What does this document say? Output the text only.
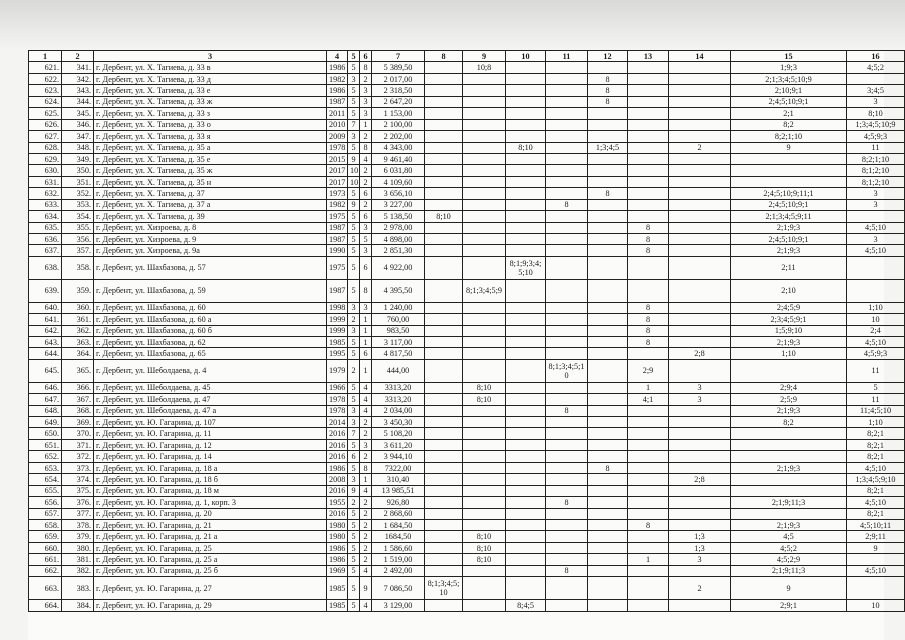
1	2	3	4	5	6	7	8	9	10	11	12	13	14	15	16
621.	341.	г. Дербент, ул. Х. Тагиева, д. 33 в	1986	5	8	5 389,50		10;8						1;9;3	4;5;2
622.	342.	г. Дербент, ул. Х. Тагиева, д. 33 д	1982	3	2	2 017,00					8			2;1;3;4;5;10;9	
623.	343.	г. Дербент, ул. Х. Тагиева, д. 33 е	1986	5	3	2 318,50					8			2;10;9;1	3;4;5
624.	344.	г. Дербент, ул. Х. Тагиева, д. 33 ж	1987	5	3	2 647,20					8			2;4;5;10;9;1	3
625.	345.	г. Дербент, ул. Х. Тагиева, д. 33 з	2011	5	3	1 153,00								2;1	8;10
626.	346.	г. Дербент, ул. Х. Тагиева, д. 33 о	2010	7	1	2 100,00								8;2	1;3;4;5;10;9
627.	347.	г. Дербент, ул. Х. Тагиева, д. 33 я	2009	3	2	2 202,00								8;2;1;10	4;5;9;3
628.	348.	г. Дербент, ул. Х. Тагиева, д. 35 а	1978	5	8	4 343,00			8;10		1;3;4;5		2	9	11
629.	349.	г. Дербент, ул. Х. Тагиева, д. 35 е	2015	9	4	9 461,40									8;2;1;10
630.	350.	г. Дербент, ул. Х. Тагиева, д. 35 ж	2017	10	2	6 031,80									8;1;2;10
631.	351.	г. Дербент, ул. Х. Тагиева, д. 35 н	2017	10	2	4 109,60									8;1;2;10
632.	352.	г. Дербент, ул. Х. Тагиева, д. 37	1973	5	6	3 656,10					8			2;4;5;10;9;11;1	3
633.	353.	г. Дербент, ул. Х. Тагиева, д. 37 а	1982	9	2	3 227,00				8				2;4;5;10;9;1	3
634.	354.	г. Дербент, ул. Х. Тагиева, д. 39	1975	5	6	5 138,50	8;10							2;1;3;4;5;9;11	
635.	355.	г. Дербент, ул. Хизроева, д. 8	1987	5	3	2 978,00						8		2;1;9;3	4;5;10
636.	356.	г. Дербент, ул. Хизроева, д. 9	1987	5	5	4 898,00						8		2;4;5;10;9;1	3
637.	357.	г. Дербент, ул. Хизроева, д. 9а	1990	5	3	2 851,30						8		2;1;9;3	4;5;10
638.	358.	г. Дербент, ул. Шахбазова, д. 57	1975	5	6	4 922,00			8;1;9;3;4;5;10					2;11	
639.	359.	г. Дербент, ул. Шахбазова, д. 59	1987	5	8	4 395,50		8;1;3;4;5;9						2;10	
640.	360.	г. Дербент, ул. Шахбазова, д. 60	1998	3	3	1 240,00						8		2;4;5;9	1;10
641.	361.	г. Дербент, ул. Шахбазова, д. 60 а	1999	2	1	760,00						8		2;3;4;5;9;1	10
642.	362.	г. Дербент, ул. Шахбазова, д. 60 б	1999	3	1	983,50						8		1;5;9;10	2;4
643.	363.	г. Дербент, ул. Шахбазова, д. 62	1985	5	1	3 117,00						8		2;1;9;3	4;5;10
644.	364.	г. Дербент, ул. Шахбазова, д. 65	1995	5	6	4 817,50							2;8	1;10	4;5;9;3
645.	365.	г. Дербент, ул. Шеболдаева, д. 4	1979	2	1	444,00				8;1;3;4;5;10		2;9			11
646.	366.	г. Дербент, ул. Шеболдаева, д. 45	1966	5	4	3313,20		8;10				1	3	2;9;4	5
647.	367.	г. Дербент, ул. Шеболдаева, д. 47	1978	5	4	3313,20		8;10				4;1	3	2;5;9	11
648.	368.	г. Дербент, ул. Шеболдаева, д. 47 а	1978	3	4	2 034,00				8				2;1;9;3	11;4;5;10
649.	369.	г. Дербент, ул. Ю. Гагарина, д. 107	2014	3	2	3 450,30								8;2	1;10
650.	370.	г. Дербент, ул. Ю. Гагарина, д. 11	2016	7	2	5 108,20									8;2;1
651.	371.	г. Дербент, ул. Ю. Гагарина, д. 12	2016	5	3	3 611,20									8;2;1
652.	372.	г. Дербент, ул. Ю. Гагарина, д. 14	2016	6	2	3 944,10									8;2;1
653.	373.	г. Дербент, ул. Ю. Гагарина, д. 18 а	1986	5	8	7322,00					8			2;1;9;3	4;5;10
654.	374.	г. Дербент, ул. Ю. Гагарина, д. 18 б	2008	3	1	310,40							2;8		1;3;4;5;9;10
655.	375.	г. Дербент, ул. Ю. Гагарина, д. 18 м	2016	9	4	13 985,51									8;2;1
656.	376.	г. Дербент, ул. Ю. Гагарина, д. 1, корп. 3	1955	2	2	926,80				8				2;1;9;11;3	4;5;10
657.	377.	г. Дербент, ул. Ю. Гагарина, д. 20	2016	5	2	2 868,60									8;2;1
658.	378.	г. Дербент, ул. Ю. Гагарина, д. 21	1980	5	2	1 684,50						8		2;1;9;3	4;5;10;11
659.	379.	г. Дербент, ул. Ю. Гагарина, д. 21 а	1980	5	2	1684,50		8;10					1;3	4;5	2;9;11
660.	380.	г. Дербент, ул. Ю. Гагарина, д. 25	1986	5	2	1 586,60		8;10					1;3	4;5;2	9
661.	381.	г. Дербент, ул. Ю. Гагарина, д. 25 а	1986	5	2	1 519,00		8;10				1	3	4;5;2;9	
662.	382.	г. Дербент, ул. Ю. Гагарина, д. 25 б	1969	5	4	2 492,00				8				2;1;9;11;3	4;5;10
663.	383.	г. Дербент, ул. Ю. Гагарина, д. 27	1985	5	9	7 086,50	8;1;3;4;5;10						2	9	
664.	384.	г. Дербент, ул. Ю. Гагарина, д. 29	1985	5	4	3 129,00			8;4;5					2;9;1	10
